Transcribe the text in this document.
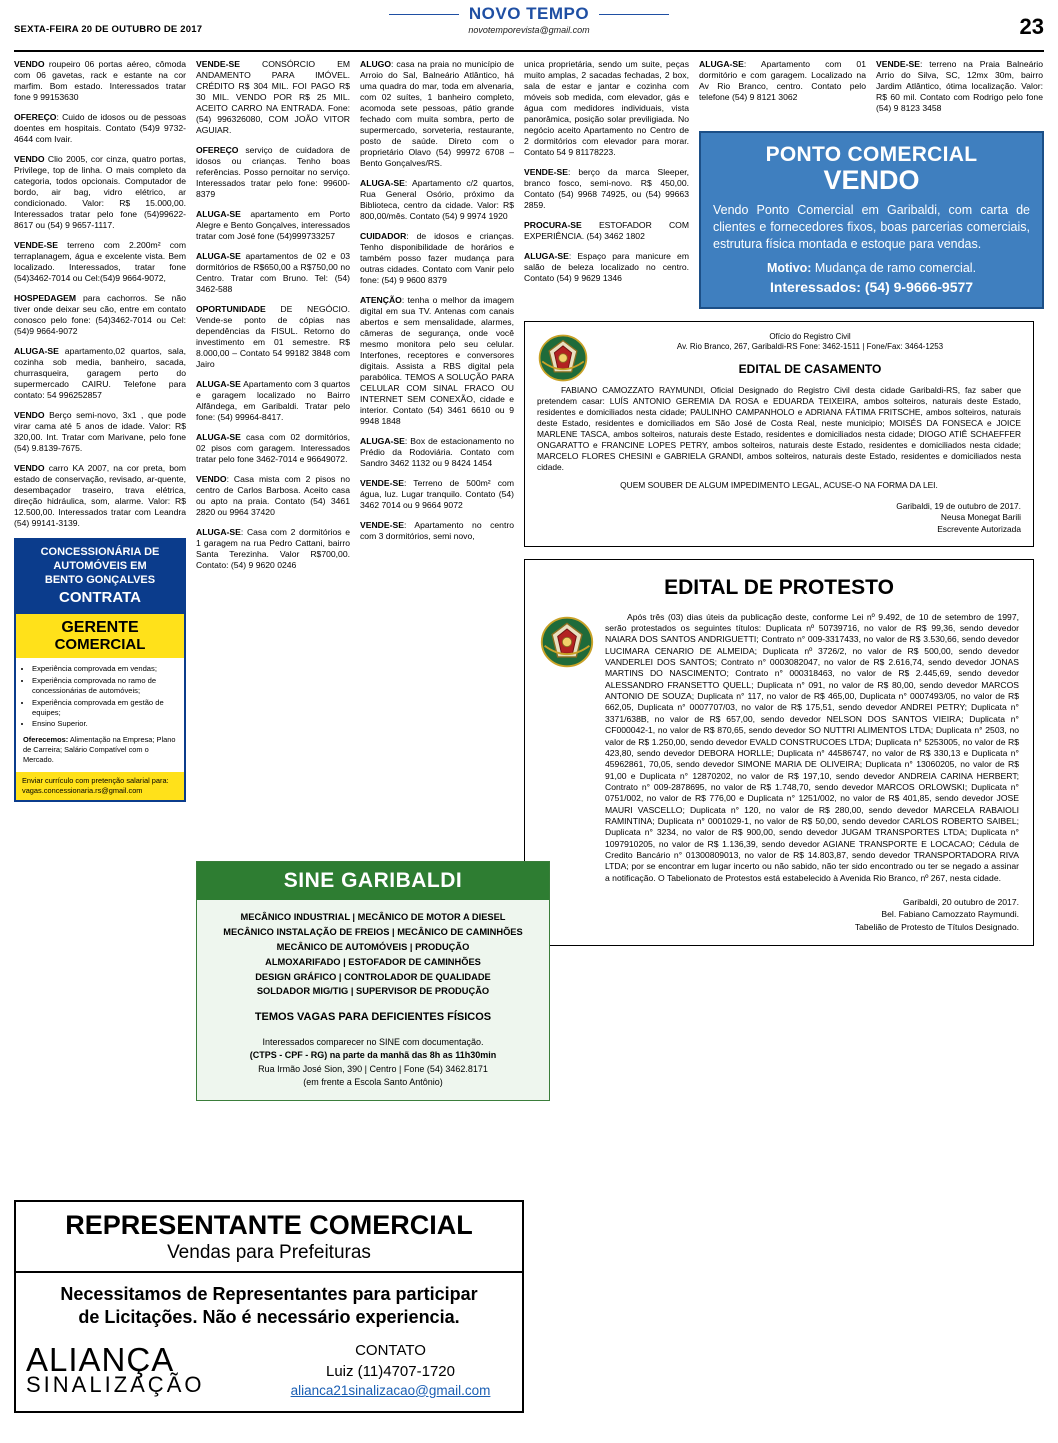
NOVO TEMPO
novotemporevista@gmail.com
SEXTA-FEIRA 20 DE OUTUBRO DE 2017	23
VENDO roupeiro 06 portas aéreo, cômoda com 06 gavetas, rack e estante na cor marfim. Bom estado. Interessados tratar fone 9 99153630
OFEREÇO: Cuido de idosos ou de pessoas doentes em hospitais. Contato (54)9 9732-4644 com Ivair.
VENDO Clio 2005, cor cinza, quatro portas, Privilege, top de linha. O mais completo da categoria, todos opcionais. Computador de bordo, air bag, vidro elétrico, ar condicionado. Valor: R$ 15.000,00. Interessados tratar pelo fone (54)99622-8617 ou (54) 9 9657-1117.
VENDE-SE terreno com 2.200m² com terraplanagem, água e excelente vista. Bem localizado. Interessados, tratar fone (54)3462-7014 ou Cel:(54)9 9664-9072,
HOSPEDAGEM para cachorros. Se não tiver onde deixar seu cão, entre em contato conosco pelo fone: (54)3462-7014 ou Cel: (54)9 9664-9072
ALUGA-SE apartamento,02 quartos, sala, cozinha sob media, banheiro, sacada, churrasqueira, garagem perto do supermercado CAIRU. Telefone para contato: 54 996252857
VENDO Berço semi-novo, 3x1 , que pode virar cama até 5 anos de idade. Valor: R$ 320,00. Int. Tratar com Marivane, pelo fone (54) 9.8139-7675.
VENDO carro KA 2007, na cor preta, bom estado de conservação, revisado, ar-quente, desembaçador traseiro, trava elétrica, direção hidráulica, som, alarme. Valor: R$ 12.500,00. Interessados tratar com Leandra (54) 99141-3139.
CONCESSIONÁRIA DE
AUTOMÓVEIS EM
BENTO GONÇALVES
CONTRATA
GERENTE
COMERCIAL
• Experiência comprovada em vendas;
• Experiência comprovada no ramo de concessionárias de automóveis;
• Experiência comprovada em gestão de equipes;
• Ensino Superior.
Oferecemos: Alimentação na Empresa; Plano de Carreira; Salário Compatível com o Mercado.
Enviar currículo com pretenção salarial para:
vagas.concessionaria.rs@gmail.com
VENDE-SE CONSÓRCIO EM ANDAMENTO PARA IMÓVEL. CRÉDITO R$ 304 MIL. FOI PAGO R$ 30 MIL. VENDO POR R$ 25 MIL. ACEITO CARRO NA ENTRADA. Fone: (54) 996326080, COM JOÃO VITOR AGUIAR.
OFEREÇO serviço de cuidadora de idosos ou crianças. Tenho boas referências. Posso pernoitar no serviço. Interessados tratar pelo fone: 99600-8379
ALUGA-SE apartamento em Porto Alegre e Bento Gonçalves, interessados tratar com José fone (54)999733257
ALUGA-SE apartamentos de 02 e 03 dormitórios de R$650,00 a R$750,00 no Centro. Tratar com Bruno. Tel: (54) 3462-588
OPORTUNIDADE DE NEGÓCIO. Vende-se ponto de cópias nas dependências da FISUL. Retorno do investimento em 01 semestre. R$ 8.000,00 – Contato 54 99182 3848 com Jairo
ALUGA-SE Apartamento com 3 quartos e garagem localizado no Bairro Alfândega, em Garibaldi. Tratar pelo fone: (54) 99964-8417.
ALUGA-SE casa com 02 dormitórios, 02 pisos com garagem. Interessados tratar pelo fone 3462-7014 e 96649072.
VENDO: Casa mista com 2 pisos no centro de Carlos Barbosa. Aceito casa ou apto na praia. Contato (54) 3461 2820 ou 9964 37420
ALUGA-SE: Casa com 2 dormitórios e 1 garagem na rua Pedro Cattani, bairro Santa Terezinha. Valor R$700,00. Contato: (54) 9 9620 0246
ALUGO: casa na praia no município de Arroio do Sal, Balneário Atlântico, há uma quadra do mar, toda em alvenaria, com 02 suítes, 1 banheiro completo, acomoda sete pessoas, pátio grande fechado com muita sombra, perto de supermercado, sorveteria, restaurante, posto de saúde. Direto com o proprietário Olavo (54) 99972 6708 – Bento Gonçalves/RS.
ALUGA-SE: Apartamento c/2 quartos, Rua General Osório, próximo da Biblioteca, centro da cidade. Valor: R$ 800,00/mês. Contato (54) 9 9974 1920
CUIDADOR: de idosos e crianças. Tenho disponibilidade de horários e também posso fazer mudança para outras cidades. Contato com Vanir pelo fone: (54) 9 9600 8379
ATENÇÃO: tenha o melhor da imagem digital em sua TV. Antenas com canais abertos e sem mensalidade, alarmes, câmeras de segurança, onde você mesmo monitora pelo seu celular. Interfones, receptores e conversores digitais. Assista a RBS digital pela parabólica. TEMOS A SOLUÇÃO PARA CELULAR COM SINAL FRACO OU INTERNET SEM CONEXÃO, cidade e interior. Contato (54) 3461 6610 ou 9 9948 1848
ALUGA-SE: Box de estacionamento no Prédio da Rodoviária. Contato com Sandro 3462 1132 ou 9 8424 1454
VENDE-SE: Terreno de 500m² com água, luz. Lugar tranquilo. Contato (54) 3462 7014 ou 9 9664 9072
VENDE-SE: Apartamento no centro com 3 dormitórios, semi novo,
unica proprietária, sendo um suite, peças muito amplas, 2 sacadas fechadas, 2 box, sala de estar e jantar e cozinha com móveis sob medida, com elevador, gás e água com medidores individuais, vista panorâmica, posição solar previligiada. No negócio aceito Apartamento no Centro de 2 dormitórios com elevador para morar. Contato 54 9 81178223.
VENDE-SE: berço da marca Sleeper, branco fosco, semi-novo. R$ 450,00. Contato (54) 9968 74925, ou (54) 99663 2859.
PROCURA-SE ESTOFADOR COM EXPERIÊNCIA. (54) 3462 1802
ALUGA-SE: Espaço para manicure em salão de beleza localizado no centro. Contato (54) 9 9629 1346
ALUGA-SE: Apartamento com 01 dormitório e com garagem. Localizado na Av Rio Branco, centro. Contato pelo telefone (54) 9 8121 3062
VENDE-SE: terreno na Praia Balneário Arrio do Silva, SC, 12mx 30m, bairro Jardim Atlântico, ótima localização. Valor: R$ 60 mil. Contato com Rodrigo pelo fone (54) 9 8123 3458
PONTO COMERCIAL
VENDO

Vendo Ponto Comercial em Garibaldi, com carta de clientes e fornecedores fixos, boas parcerias comerciais, estrutura física montada e estoque para vendas.

Motivo: Mudança de ramo comercial.
Interessados: (54) 9-9666-9577
Ofício do Registro Civil
Av. Rio Branco, 267, Garibaldi-RS Fone: 3462-1511 | Fone/Fax: 3464-1253
EDITAL DE CASAMENTO

FABIANO CAMOZZATO RAYMUNDI, Oficial Designado do Registro Civil desta cidade Garibaldi-RS, faz saber que pretendem casar: LUÍS ANTONIO GEREMIA DA ROSA e EDUARDA TEIXEIRA, ambos solteiros, naturais deste Estado, residentes e domiciliados nesta cidade; PAULINHO CAMPANHOLO e ADRIANA FÁTIMA FRITSCHE, ambos solteiros, naturais deste Estado, residentes e domiciliados em São José de Costa Real, neste municipio; MOISÉS DA FONSECA e JOICE MARLENE TASCA, ambos solteiros, naturais deste Estado, residentes e domiciliados nesta cidade; DIOGO ATIÊ SCHAEFFER ONGARATTO e FRANCINE LOPES PETRY, ambos solteiros, naturais deste Estado, residentes e domiciliados nesta cidade; MARCELO FLORES CHESINI e GABRIELA GRANDI, ambos solteiros, naturais deste Estado, residentes e domiciliados nesta cidade.

QUEM SOUBER DE ALGUM IMPEDIMENTO LEGAL, ACUSE-O NA FORMA DA LEI.

Garibaldi, 19 de outubro de 2017.
Neusa Monegat Barili
Escrevente Autorizada
EDITAL DE PROTESTO
Após três (03) dias úteis da publicação deste, conforme Lei nº 9.492, de 10 de setembro de 1997, serão protestados os seguintes títulos: Duplicata nº 50739716, no valor de R$ 99,36, sendo devedor NAIARA DOS SANTOS ANDRIGUETTI; Contrato n° 009-3317433, no valor de R$ 3.530,66, sendo devedor LUCIMARA CENARIO DE ALMEIDA; Duplicata nº 3726/2, no valor de R$ 500,00, sendo devedor VANDERLEI DOS SANTOS; Contrato n° 0003082047, no valor de R$ 2.616,74, sendo devedor JONAS MARTINS DO NASCIMENTO; Contrato n° 000318463, no valor de R$ 2.445,69, sendo devedor ALESSANDRO FRANSETTO QUELL; Duplicata n° 091, no valor de R$ 80,00, sendo devedor MARCOS ANTONIO DE SOUZA; Duplicata n° 117, no valor de R$ 465,00, Duplicata n° 0007493/05, no valor de R$ 662,05, Duplicata n° 0007707/03, no valor de R$ 175,51, sendo devedor ANDREI PETRY; Duplicata n° 3371/638B, no valor de R$ 657,00, sendo devedor NELSON DOS SANTOS VIEIRA; Duplicata n° CF000042-1, no valor de R$ 870,65, sendo devedor SO NUTTRI ALIMENTOS LTDA; Duplicata n° 2503, no valor de R$ 1.250,00, sendo devedor EVALD CONSTRUCOES LTDA; Duplicata n° 5253005, no valor de R$ 423,80, sendo devedor DEBORA HORLLE; Duplicata n° 44586747, no valor de R$ 330,13 e Duplicata n° 45962861, 70,05, sendo devedor SIMONE MARIA DE OLIVEIRA; Duplicata n° 13060205, no valor de R$ 91,00 e Duplicata n° 12870202, no valor de R$ 197,10, sendo devedor ANDREIA CARINA HERBERT; Contrato n° 009-2878695, no valor de R$ 1.748,70, sendo devedor MARCOS ORLOWSKI; Duplicata n° 0751/002, no valor de R$ 776,00 e Duplicata n° 1251/002, no valor de R$ 401,85, sendo devedor JOSE MAURI VASCELLO; Duplicata n° 120, no valor de R$ 280,00, sendo devedor MARCELA RABAIOLI RAMINTINA; Duplicata n° 0001029-1, no valor de R$ 50,00, sendo devedor CARLOS ROBERTO SAIBEL; Duplicata n° 3234, no valor de R$ 900,00, sendo devedor JUGAM TRANSPORTES LTDA; Duplicata n° 1097910205, no valor de R$ 1.136,39, sendo devedor AGIANE TRANSPORTE E LOCACAO; Cédula de Credito Bancário n° 01300809013, no valor de R$ 14.803,87, sendo devedor TRANSPORTADORA RIVA LTDA; por se encontrar em lugar incerto ou não sabido, não ter sido encontrado ou ter se negado a assinar a notificação. O Tabelionato de Protestos está estabelecido à Avenida Rio Branco, nº 267, nesta cidade.
Garibaldi, 20 outubro de 2017.
Bel. Fabiano Camozzato Raymundi.
Tabelião de Protesto de Títulos Designado.
SINE GARIBALDI
MECÂNICO INDUSTRIAL | MECÂNICO DE MOTOR A DIESEL
MECÂNICO INSTALAÇÃO DE FREIOS | MECÂNICO DE CAMINHÕES
MECÂNICO DE AUTOMÓVEIS | PRODUÇÃO
ALMOXARIFADO | ESTOFADOR DE CAMINHÕES
DESIGN GRÁFICO | CONTROLADOR DE QUALIDADE
SOLDADOR MIG/TIG | SUPERVISOR DE PRODUÇÃO
TEMOS VAGAS PARA DEFICIENTES FÍSICOS
Interessados comparecer no SINE com documentação.
(CTPS - CPF - RG) na parte da manhã das 8h as 11h30min
Rua Irmão José Sion, 390 | Centro | Fone (54) 3462.8171
(em frente a Escola Santo Antônio)
REPRESENTANTE COMERCIAL
Vendas para Prefeituras
Necessitamos de Representantes para participar
de Licitações. Não é necessário experiencia.
ALIANÇA
SINALIZAÇÃO
CONTATO
Luiz (11)4707-1720
alianca21sinalizacao@gmail.com
